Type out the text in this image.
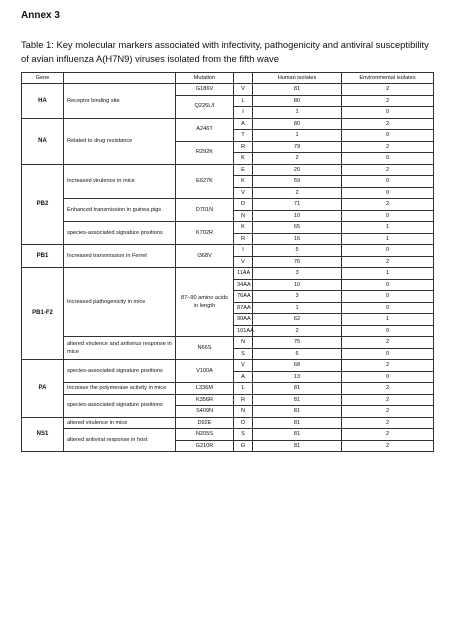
Annex 3
Table 1: Key molecular markers associated with infectivity, pathogenicity and antiviral susceptibility of avian influenza A(H7N9) viruses isolated from the fifth wave
Gene		Mutation		Human isolates	Environmental isolates
HA	Receptor binding site	G186V	V	81	2
		Q226L/I	L	80	2
			I	1	0
NA	Related to drug resistance	A246T	A	80	2
			T	1	0
		R292K	R	79	2
			K	2	0
PB2	Increased virulence in mice	E627K	E	20	2
			K	59	0
			V	2	0
	Enhanced transmission in guinea pigs	D701N	D	71	2
			N	10	0
	species-associated signature positions	K702R	K	65	1
			R	16	1
PB1	Increased transmission in Ferret	I368V	I	5	0
			V	76	2
PB1-F2	Increased pathogenicity in mice	87–90 amino acids in length	11AA	3	1
			34AA	10	0
			76AA	3	0
			87AA	1	0
			90AA	62	1
			101AA	2	0
	altered virulence and antivirus response in mice	N66S	N	75	2
			S	6	0
PA	species-associated signature positions	V100A	V	68	2
			A	13	0
	Increase the polymerase activity in mice	L336M	L	81	2
	species-associated signature positions	K356R	R	81	2
		S409N	N	81	2
NS1	altered virulence in mice	D92E	D	81	2
	altered antiviral response in host	N205S	S	81	2
		G210R	G	81	2
